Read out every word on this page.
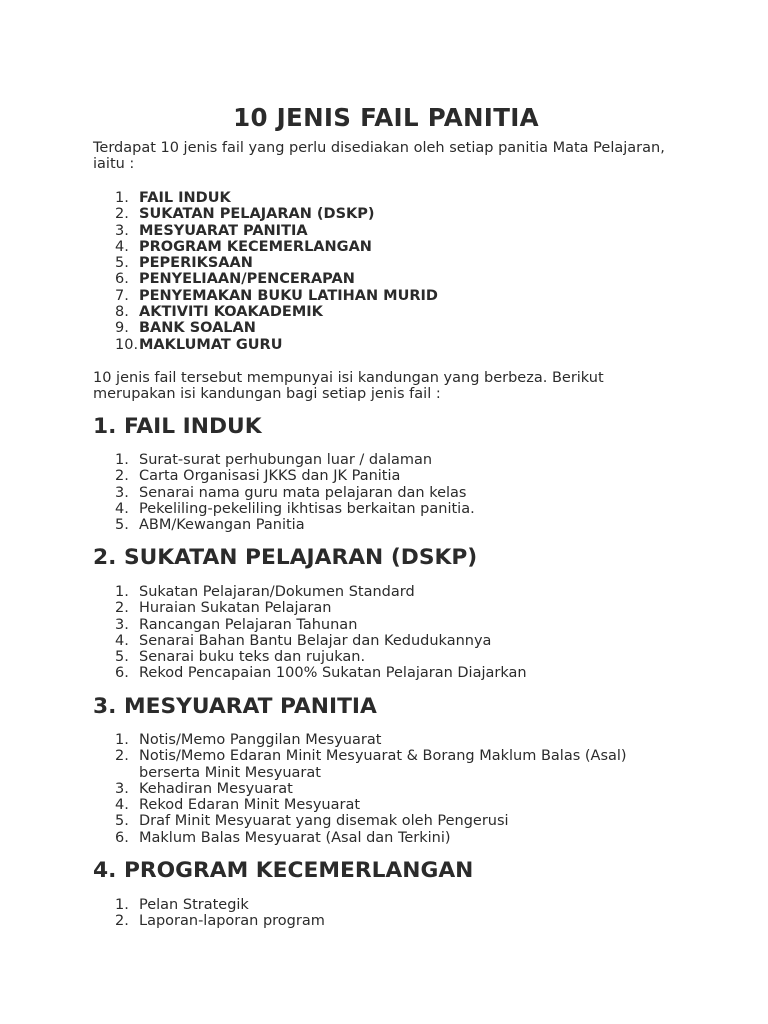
10 JENIS FAIL PANITIA

Terdapat 10 jenis fail yang perlu disediakan oleh setiap panitia Mata Pelajaran, iaitu :

1. FAIL INDUK
2. SUKATAN PELAJARAN (DSKP)
3. MESYUARAT PANITIA
4. PROGRAM KECEMERLANGAN
5. PEPERIKSAAN
6. PENYELIAAN/PENCERAPAN
7. PENYEMAKAN BUKU LATIHAN MURID
8. AKTIVITI KOAKADEMIK
9. BANK SOALAN
10. MAKLUMAT GURU

10 jenis fail tersebut mempunyai isi kandungan yang berbeza. Berikut merupakan isi kandungan bagi setiap jenis fail :

1. FAIL INDUK
1. Surat-surat perhubungan luar / dalaman
2. Carta Organisasi JKKS dan JK Panitia
3. Senarai nama guru mata pelajaran dan kelas
4. Pekeliling-pekeliling ikhtisas berkaitan panitia.
5. ABM/Kewangan Panitia
2. SUKATAN PELAJARAN (DSKP)
1. Sukatan Pelajaran/Dokumen Standard
2. Huraian Sukatan Pelajaran
3. Rancangan Pelajaran Tahunan
4. Senarai Bahan Bantu Belajar dan Kedudukannya
5. Senarai buku teks dan rujukan.
6. Rekod Pencapaian 100% Sukatan Pelajaran Diajarkan
3. MESYUARAT PANITIA
1. Notis/Memo Panggilan Mesyuarat
2. Notis/Memo Edaran Minit Mesyuarat & Borang Maklum Balas (Asal) berserta Minit Mesyuarat
3. Kehadiran Mesyuarat
4. Rekod Edaran Minit Mesyuarat
5. Draf Minit Mesyuarat yang disemak oleh Pengerusi
6. Maklum Balas Mesyuarat (Asal dan Terkini)
4. PROGRAM KECEMERLANGAN
1. Pelan Strategik
2. Laporan-laporan program
